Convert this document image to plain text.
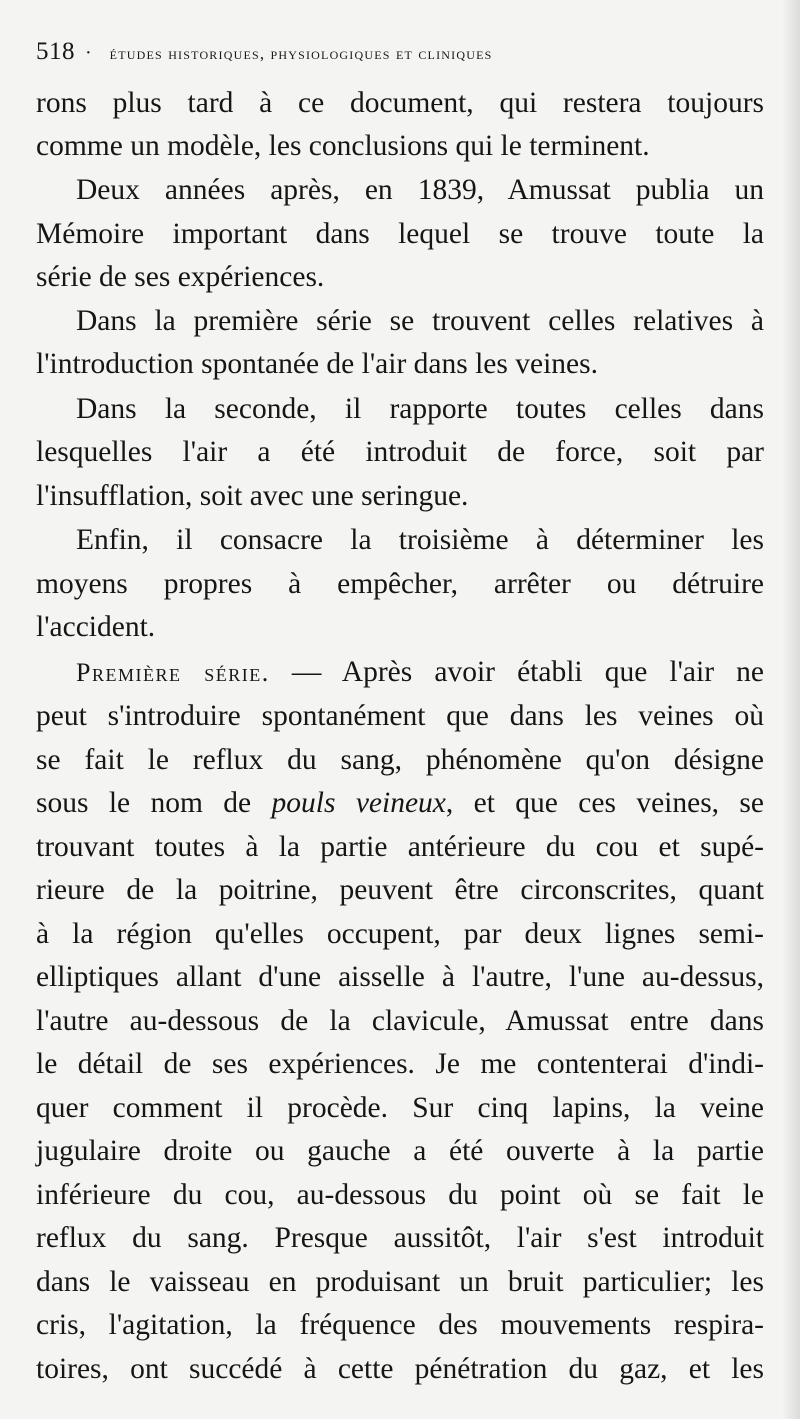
518 · études historiques, physiologiques et cliniques
rons plus tard à ce document, qui restera toujours
comme un modèle, les conclusions qui le terminent.
Deux années après, en 1839, Amussat publia un
Mémoire important dans lequel se trouve toute la
série de ses expériences.
Dans la première série se trouvent celles relatives à
l'introduction spontanée de l'air dans les veines.
Dans la seconde, il rapporte toutes celles dans
lesquelles l'air a été introduit de force, soit par
l'insufflation, soit avec une seringue.
Enfin, il consacre la troisième à déterminer les
moyens propres à empêcher, arrêter ou détruire
l'accident.
Première série. — Après avoir établi que l'air ne
peut s'introduire spontanément que dans les veines où
se fait le reflux du sang, phénomène qu'on désigne
sous le nom de pouls veineux, et que ces veines, se
trouvant toutes à la partie antérieure du cou et supé-
rieure de la poitrine, peuvent être circonscrites, quant
à la région qu'elles occupent, par deux lignes semi-
elliptiques allant d'une aisselle à l'autre, l'une au-dessus,
l'autre au-dessous de la clavicule, Amussat entre dans
le détail de ses expériences. Je me contenterai d'indi-
quer comment il procède. Sur cinq lapins, la veine
jugulaire droite ou gauche a été ouverte à la partie
inférieure du cou, au-dessous du point où se fait le
reflux du sang. Presque aussitôt, l'air s'est introduit
dans le vaisseau en produisant un bruit particulier; les
cris, l'agitation, la fréquence des mouvements respira-
toires, ont succédé à cette pénétration du gaz, et les
